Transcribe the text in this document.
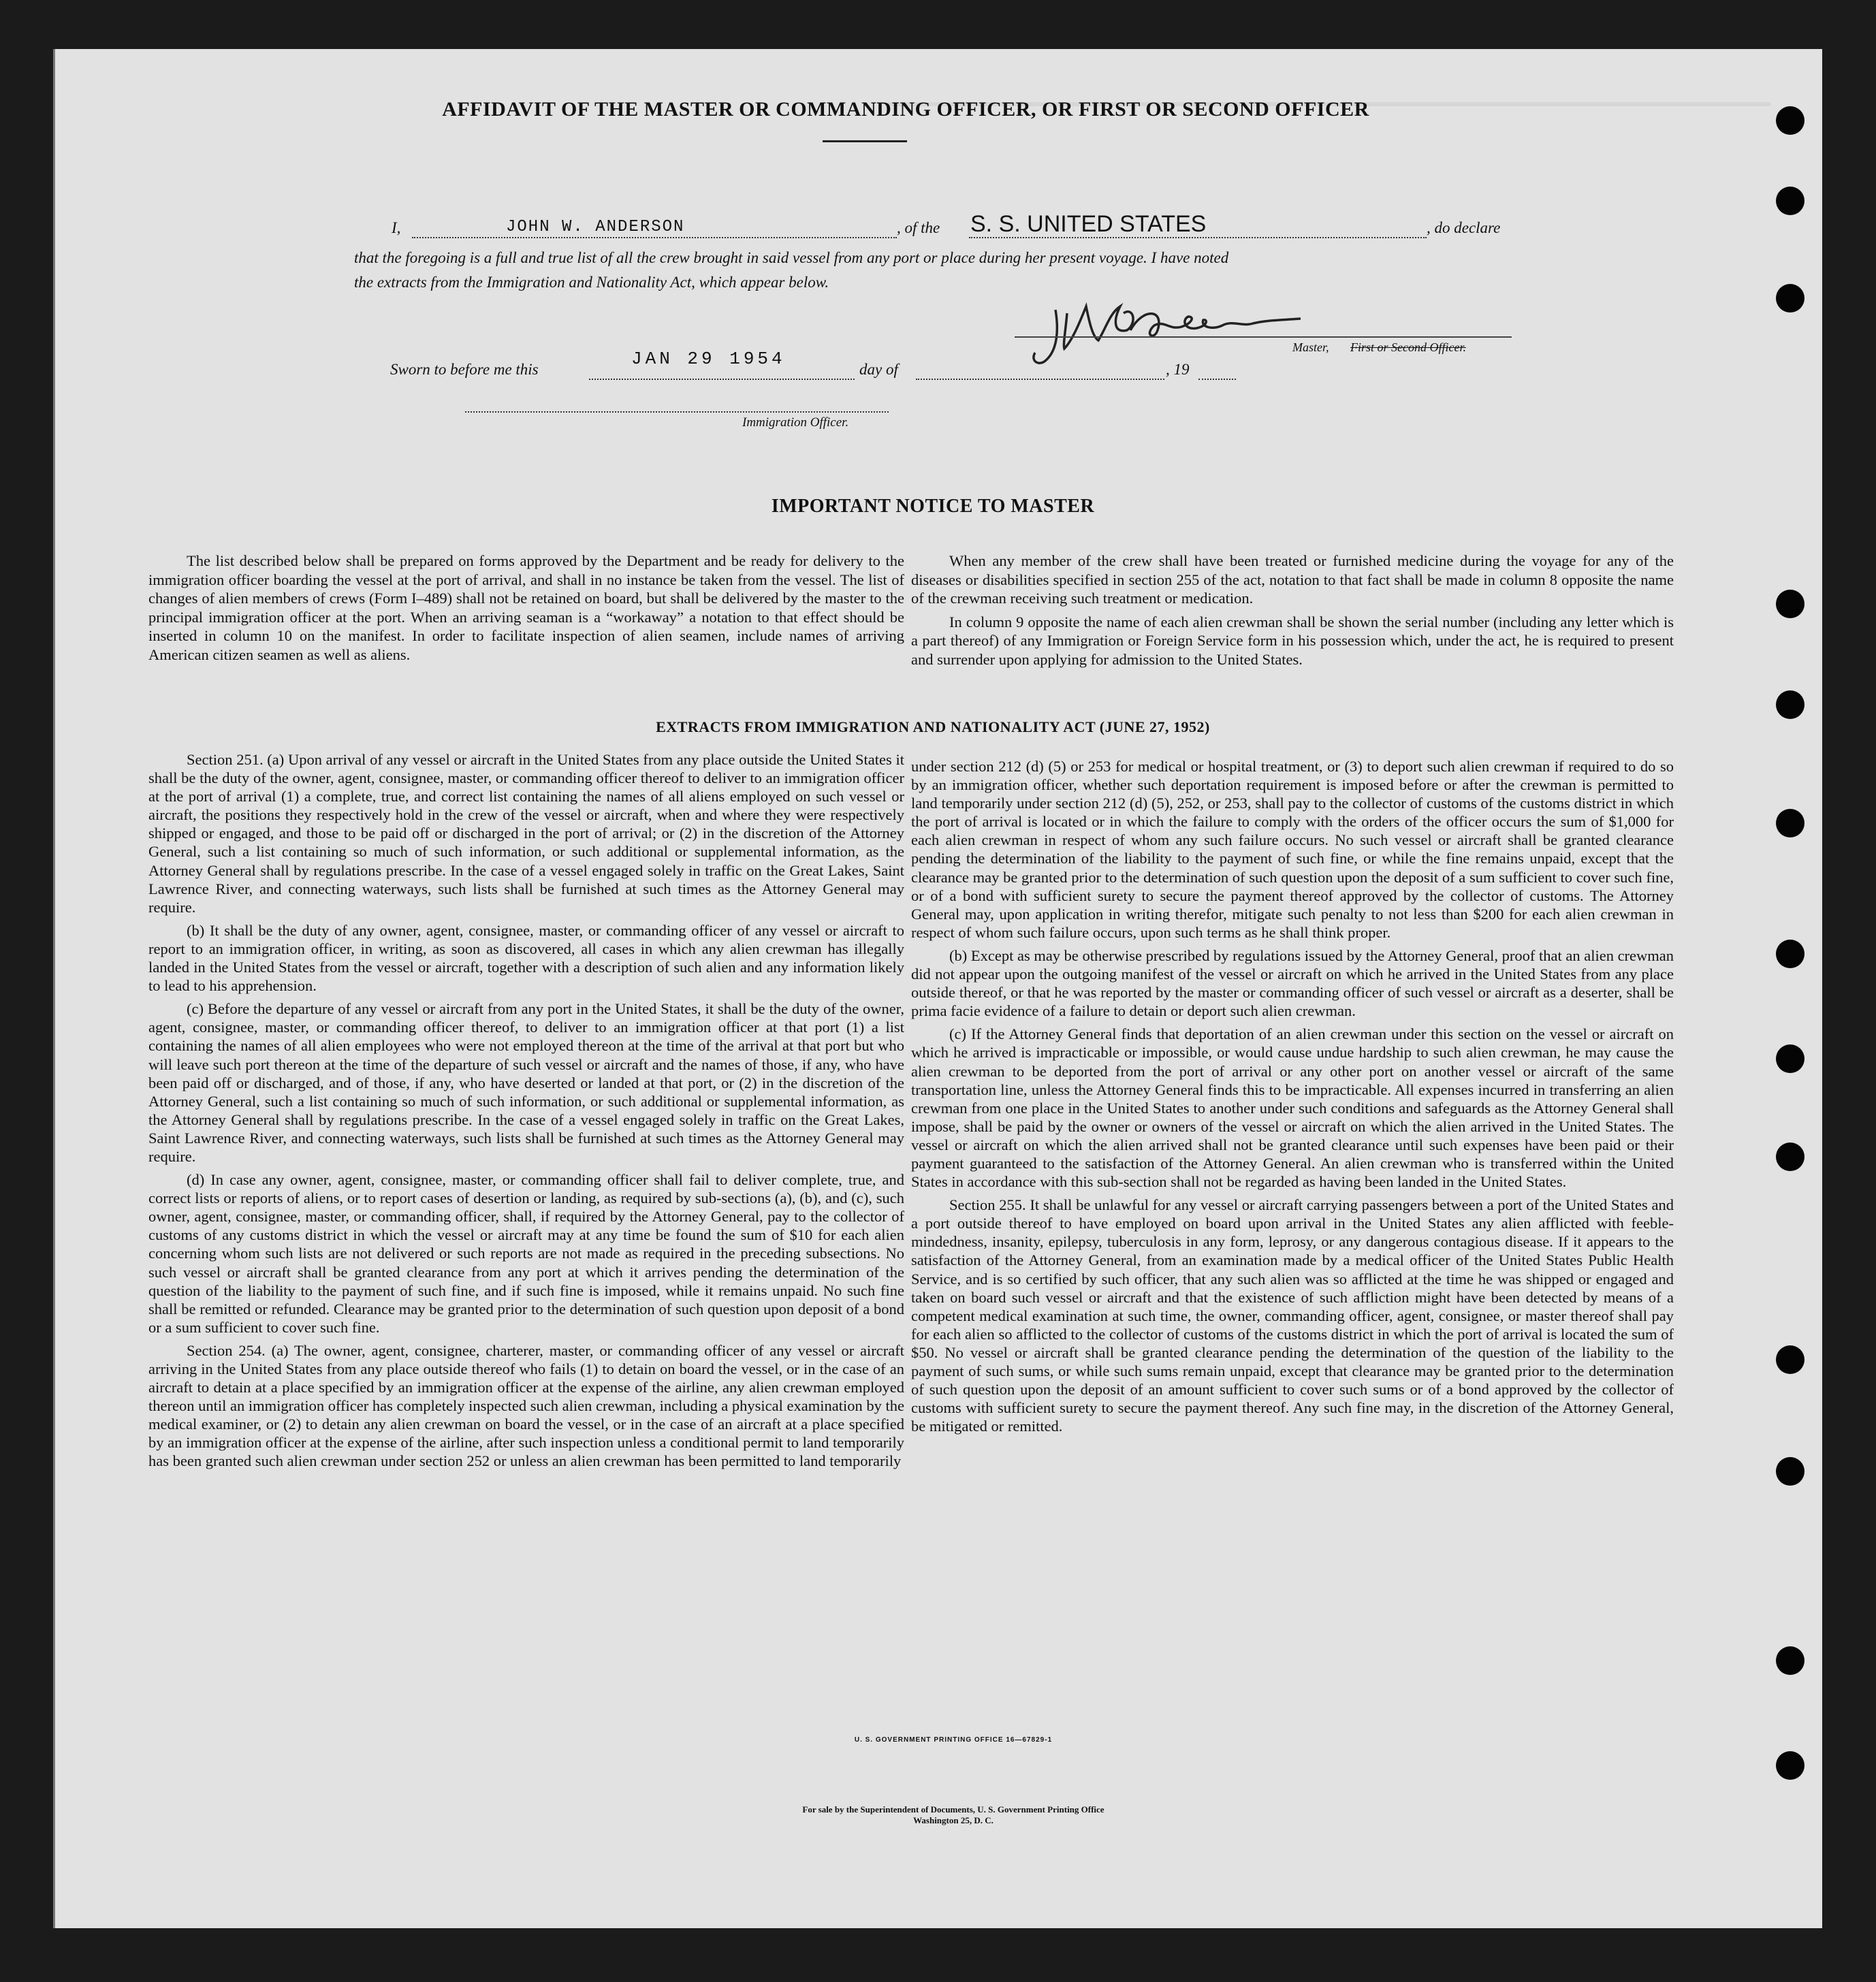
AFFIDAVIT OF THE MASTER OR COMMANDING OFFICER, OR FIRST OR SECOND OFFICER
I,	JOHN W. ANDERSON	, of the S. S. UNITED STATES	, do declare
that the foregoing is a full and true list of all the crew brought in said vessel from any port or place during her present voyage. I have noted
the extracts from the Immigration and Nationality Act, which appear below.
Master, First or Second Officer.
Sworn to before me this
JAN 29 1954
day of	, 19
Immigration Officer.
IMPORTANT NOTICE TO MASTER

The list described below shall be prepared on forms approved by the Department and be ready for delivery to the immigration officer boarding the vessel at the port of arrival, and shall in no instance be taken from the vessel. The list of changes of alien members of crews (Form I–489) shall not be retained on board, but shall be delivered by the master to the principal immigration officer at the port. When an arriving seaman is a “workaway” a notation to that effect should be inserted in column 10 on the manifest. In order to facilitate inspection of alien seamen, include names of arriving American citizen seamen as well as aliens.

When any member of the crew shall have been treated or furnished medicine during the voyage for any of the diseases or disabilities specified in section 255 of the act, notation to that fact shall be made in column 8 opposite the name of the crewman receiving such treatment or medication.

In column 9 opposite the name of each alien crewman shall be shown the serial number (including any letter which is a part thereof) of any Immigration or Foreign Service form in his possession which, under the act, he is required to present and surrender upon applying for admission to the United States.

EXTRACTS FROM IMMIGRATION AND NATIONALITY ACT (JUNE 27, 1952)

Section 251. (a) Upon arrival of any vessel or aircraft in the United States from any place outside the United States it shall be the duty of the owner, agent, consignee, master, or commanding officer thereof to deliver to an immigration officer at the port of arrival (1) a complete, true, and correct list containing the names of all aliens employed on such vessel or aircraft, the positions they respectively hold in the crew of the vessel or aircraft, when and where they were respectively shipped or engaged, and those to be paid off or discharged in the port of arrival; or (2) in the discretion of the Attorney General, such a list containing so much of such information, or such additional or supplemental information, as the Attorney General shall by regulations prescribe. In the case of a vessel engaged solely in traffic on the Great Lakes, Saint Lawrence River, and connecting waterways, such lists shall be furnished at such times as the Attorney General may require.

(b) It shall be the duty of any owner, agent, consignee, master, or commanding officer of any vessel or aircraft to report to an immigration officer, in writing, as soon as discovered, all cases in which any alien crewman has illegally landed in the United States from the vessel or aircraft, together with a description of such alien and any information likely to lead to his apprehension.

(c) Before the departure of any vessel or aircraft from any port in the United States, it shall be the duty of the owner, agent, consignee, master, or commanding officer thereof, to deliver to an immigration officer at that port (1) a list containing the names of all alien employees who were not employed thereon at the time of the arrival at that port but who will leave such port thereon at the time of the departure of such vessel or aircraft and the names of those, if any, who have been paid off or discharged, and of those, if any, who have deserted or landed at that port, or (2) in the discretion of the Attorney General, such a list containing so much of such information, or such additional or supplemental information, as the Attorney General shall by regulations prescribe. In the case of a vessel engaged solely in traffic on the Great Lakes, Saint Lawrence River, and connecting waterways, such lists shall be furnished at such times as the Attorney General may require.

(d) In case any owner, agent, consignee, master, or commanding officer shall fail to deliver complete, true, and correct lists or reports of aliens, or to report cases of desertion or landing, as required by sub-sections (a), (b), and (c), such owner, agent, consignee, master, or commanding officer, shall, if required by the Attorney General, pay to the collector of customs of any customs district in which the vessel or aircraft may at any time be found the sum of $10 for each alien concerning whom such lists are not delivered or such reports are not made as required in the preceding subsections. No such vessel or aircraft shall be granted clearance from any port at which it arrives pending the determination of the question of the liability to the payment of such fine, and if such fine is imposed, while it remains unpaid. No such fine shall be remitted or refunded. Clearance may be granted prior to the determination of such question upon deposit of a bond or a sum sufficient to cover such fine.

Section 254. (a) The owner, agent, consignee, charterer, master, or commanding officer of any vessel or aircraft arriving in the United States from any place outside thereof who fails (1) to detain on board the vessel, or in the case of an aircraft to detain at a place specified by an immigration officer at the expense of the airline, any alien crewman employed thereon until an immigration officer has completely inspected such alien crewman, including a physical examination by the medical examiner, or (2) to detain any alien crewman on board the vessel, or in the case of an aircraft at a place specified by an immigration officer at the expense of the airline, after such inspection unless a conditional permit to land temporarily has been granted such alien crewman under section 252 or unless an alien crewman has been permitted to land temporarily

under section 212 (d) (5) or 253 for medical or hospital treatment, or (3) to deport such alien crewman if required to do so by an immigration officer, whether such deportation requirement is imposed before or after the crewman is permitted to land temporarily under section 212 (d) (5), 252, or 253, shall pay to the collector of customs of the customs district in which the port of arrival is located or in which the failure to comply with the orders of the officer occurs the sum of $1,000 for each alien crewman in respect of whom any such failure occurs. No such vessel or aircraft shall be granted clearance pending the determination of the liability to the payment of such fine, or while the fine remains unpaid, except that the clearance may be granted prior to the determination of such question upon the deposit of a sum sufficient to cover such fine, or of a bond with sufficient surety to secure the payment thereof approved by the collector of customs. The Attorney General may, upon application in writing therefor, mitigate such penalty to not less than $200 for each alien crewman in respect of whom such failure occurs, upon such terms as he shall think proper.

(b) Except as may be otherwise prescribed by regulations issued by the Attorney General, proof that an alien crewman did not appear upon the outgoing manifest of the vessel or aircraft on which he arrived in the United States from any place outside thereof, or that he was reported by the master or commanding officer of such vessel or aircraft as a deserter, shall be prima facie evidence of a failure to detain or deport such alien crewman.

(c) If the Attorney General finds that deportation of an alien crewman under this section on the vessel or aircraft on which he arrived is impracticable or impossible, or would cause undue hardship to such alien crewman, he may cause the alien crewman to be deported from the port of arrival or any other port on another vessel or aircraft of the same transportation line, unless the Attorney General finds this to be impracticable. All expenses incurred in transferring an alien crewman from one place in the United States to another under such conditions and safeguards as the Attorney General shall impose, shall be paid by the owner or owners of the vessel or aircraft on which the alien arrived in the United States. The vessel or aircraft on which the alien arrived shall not be granted clearance until such expenses have been paid or their payment guaranteed to the satisfaction of the Attorney General. An alien crewman who is transferred within the United States in accordance with this sub-section shall not be regarded as having been landed in the United States.

Section 255. It shall be unlawful for any vessel or aircraft carrying passengers between a port of the United States and a port outside thereof to have employed on board upon arrival in the United States any alien afflicted with feeble-mindedness, insanity, epilepsy, tuberculosis in any form, leprosy, or any dangerous contagious disease. If it appears to the satisfaction of the Attorney General, from an examination made by a medical officer of the United States Public Health Service, and is so certified by such officer, that any such alien was so afflicted at the time he was shipped or engaged and taken on board such vessel or aircraft and that the existence of such affliction might have been detected by means of a competent medical examination at such time, the owner, commanding officer, agent, consignee, or master thereof shall pay for each alien so afflicted to the collector of customs of the customs district in which the port of arrival is located the sum of $50. No vessel or aircraft shall be granted clearance pending the determination of the question of the liability to the payment of such sums, or while such sums remain unpaid, except that clearance may be granted prior to the determination of such question upon the deposit of an amount sufficient to cover such sums or of a bond approved by the collector of customs with sufficient surety to secure the payment thereof. Any such fine may, in the discretion of the Attorney General, be mitigated or remitted.

U. S. GOVERNMENT PRINTING OFFICE 16—67829-1
For sale by the Superintendent of Documents, U. S. Government Printing Office
Washington 25, D. C.
